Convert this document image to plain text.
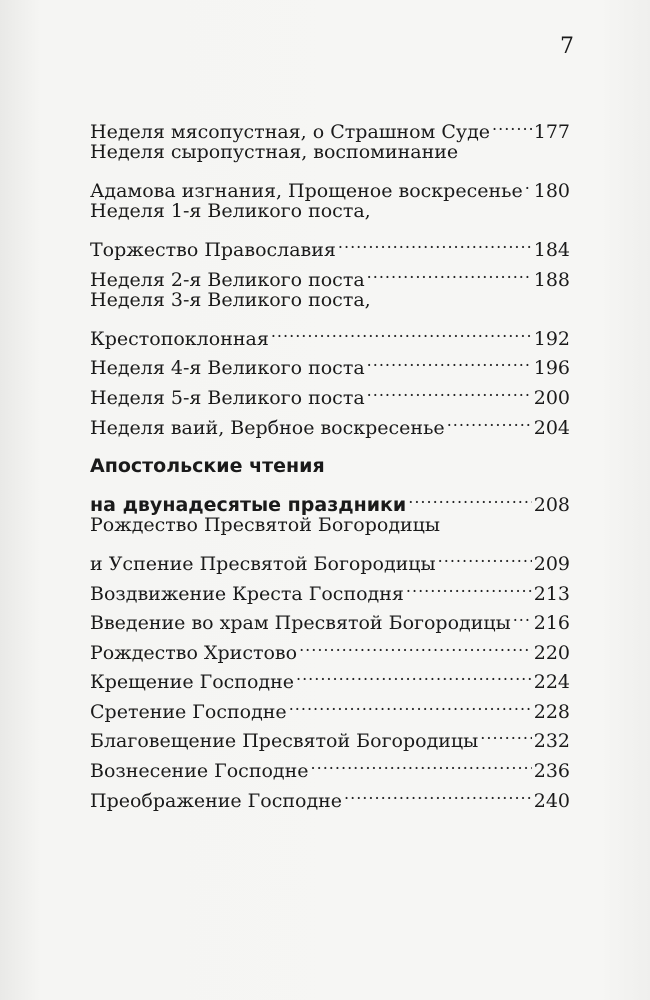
7
Неделя мясопустная, о Страшном Суде ..... 177
Неделя сыропустная, воспоминание
Адамова изгнания, Прощеное воскресенье ..... 180
Неделя 1-я Великого поста,
Торжество Православия .....	184
Неделя 2-я Великого поста .....	188
Неделя 3-я Великого поста,
Крестопоклонная .....	192
Неделя 4-я Великого поста .....	196
Неделя 5-я Великого поста .....	200
Неделя ваий, Вербное воскресенье .....	204
Апостольские чтения
на двунадесятые праздники .....	208
Рождество Пресвятой Богородицы
и Успение Пресвятой Богородицы .....	209
Воздвижение Креста Господня .....	213
Введение во храм Пресвятой Богородицы ..... 216
Рождество Христово .....	220
Крещение Господне .....	224
Сретение Господне .....	228
Благовещение Пресвятой Богородицы .....	232
Вознесение Господне .....	236
Преображение Господне .....	240
